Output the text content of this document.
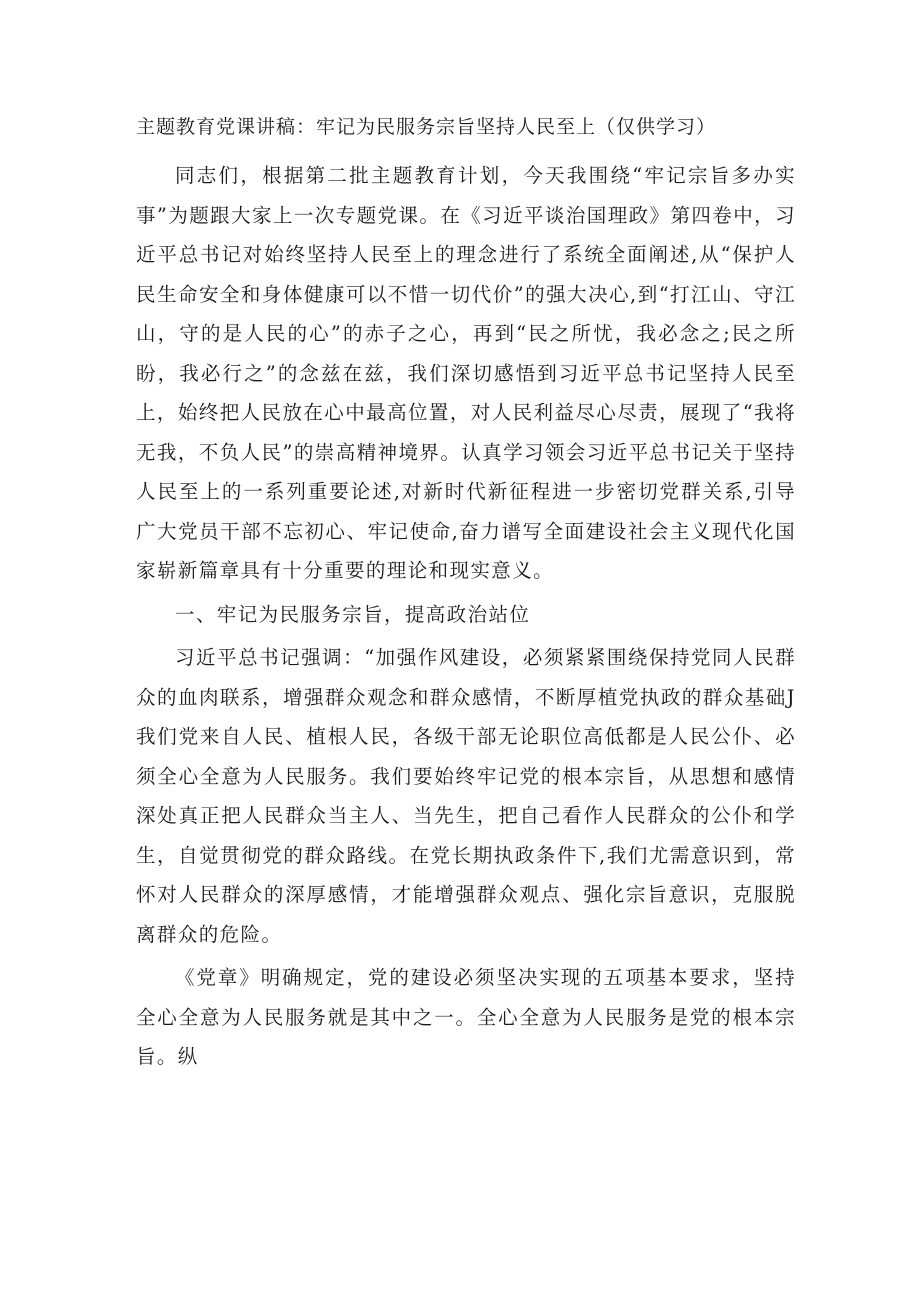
主题教育党课讲稿：牢记为民服务宗旨坚持人民至上（仅供学习）

同志们，根据第二批主题教育计划，今天我围绕“牢记宗旨多办实事”为题跟大家上一次专题党课。在《习近平谈治国理政》第四卷中，习近平总书记对始终坚持人民至上的理念进行了系统全面阐述,从“保护人民生命安全和身体健康可以不惜一切代价”的强大决心,到“打江山、守江山，守的是人民的心”的赤子之心，再到“民之所忧，我必念之;民之所盼，我必行之”的念兹在兹，我们深切感悟到习近平总书记坚持人民至上，始终把人民放在心中最高位置，对人民利益尽心尽责，展现了“我将无我，不负人民”的崇高精神境界。认真学习领会习近平总书记关于坚持人民至上的一系列重要论述,对新时代新征程进一步密切党群关系,引导广大党员干部不忘初心、牢记使命,奋力谱写全面建设社会主义现代化国家崭新篇章具有十分重要的理论和现实意义。

一、牢记为民服务宗旨，提高政治站位

习近平总书记强调：“加强作风建设，必须紧紧围绕保持党同人民群众的血肉联系，增强群众观念和群众感情，不断厚植党执政的群众基础J我们党来自人民、植根人民，各级干部无论职位高低都是人民公仆、必须全心全意为人民服务。我们要始终牢记党的根本宗旨，从思想和感情深处真正把人民群众当主人、当先生，把自己看作人民群众的公仆和学生，自觉贯彻党的群众路线。在党长期执政条件下,我们尤需意识到，常怀对人民群众的深厚感情，才能增强群众观点、强化宗旨意识，克服脱离群众的危险。

《党章》明确规定，党的建设必须坚决实现的五项基本要求，坚持全心全意为人民服务就是其中之一。全心全意为人民服务是党的根本宗旨。纵
